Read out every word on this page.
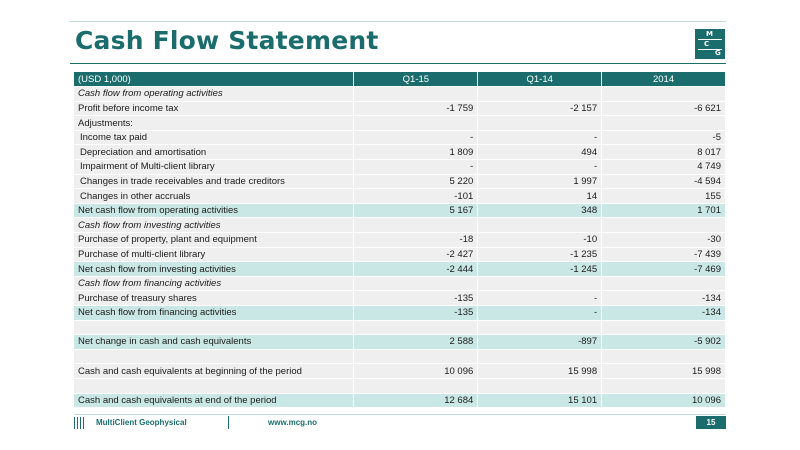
Cash Flow Statement	M
C
G
(USD 1,000)	Q1-15	Q1-14	2014
Cash flow from operating activities			
Profit before income tax	-1 759	-2 157	-6 621
Adjustments:			
Income tax paid	-	-	-5
Depreciation and amortisation	1 809	494	8 017
Impairment of Multi-client library	-	-	4 749
Changes in trade receivables and trade creditors	5 220	1 997	-4 594
Changes in other accruals	-101	14	155
Net cash flow from operating activities	5 167	348	1 701
Cash flow from investing activities			
Purchase of property, plant and equipment	-18	-10	-30
Purchase of multi-client library	-2 427	-1 235	-7 439
Net cash flow from investing activities	-2 444	-1 245	-7 469
Cash flow from financing activities			
Purchase of treasury shares	-135	-	-134
Net cash flow from financing activities	-135	-	-134

Net change in cash and cash equivalents	2 588	-897	-5 902

Cash and cash equivalents at beginning of the period	10 096	15 998	15 998

Cash and cash equivalents at end of the period	12 684	15 101	10 096
MultiClient Geophysical	www.mcg.no	15
